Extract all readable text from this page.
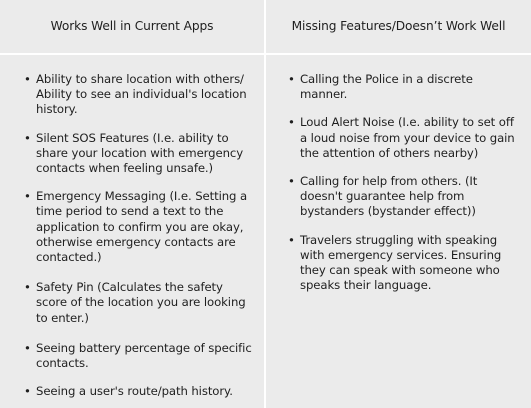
Works Well in Current Apps	Missing Features/Doesn’t Work Well
• Ability to share location with others/ Ability to see an individual's location history.
• Silent SOS Features (I.e. ability to share your location with emergency contacts when feeling unsafe.)
• Emergency Messaging (I.e. Setting a time period to send a text to the application to confirm you are okay, otherwise emergency contacts are contacted.)
• Safety Pin (Calculates the safety score of the location you are looking to enter.)
• Seeing battery percentage of specific contacts.
• Seeing a user's route/path history.
• Calling the Police in a discrete manner.
• Loud Alert Noise (I.e. ability to set off a loud noise from your device to gain the attention of others nearby)
• Calling for help from others. (It doesn't guarantee help from bystanders (bystander effect))
• Travelers struggling with speaking with emergency services. Ensuring they can speak with someone who speaks their language.
